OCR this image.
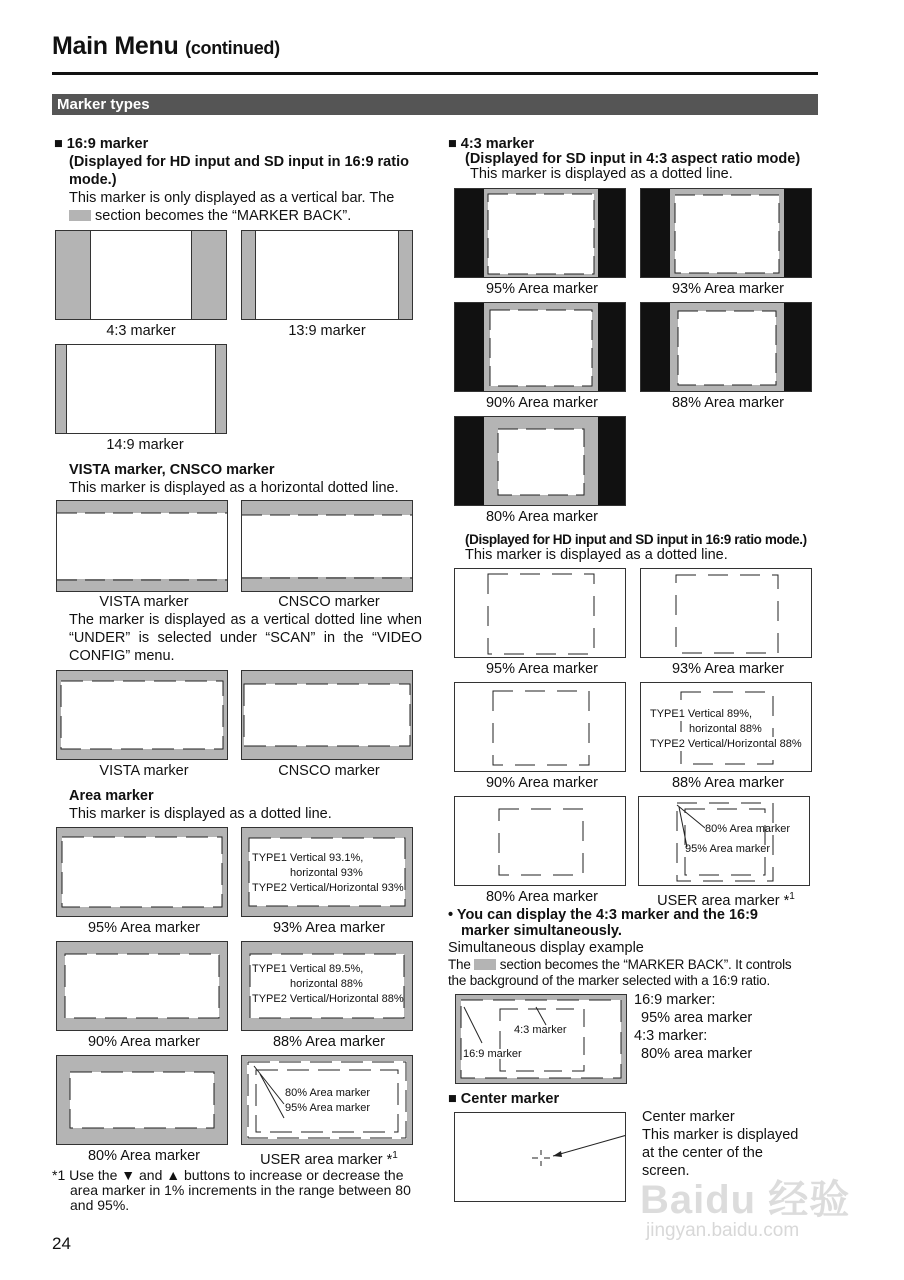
Main Menu (continued)
Marker types
■ 16:9 marker
(Displayed for HD input and SD input in 16:9 ratio
mode.)
This marker is only displayed as a vertical bar. The
section becomes the “MARKER BACK”.
4:3 marker	13:9 marker
14:9 marker
VISTA marker, CNSCO marker
This marker is displayed as a horizontal dotted line.
VISTA marker	CNSCO marker
The marker is displayed as a vertical dotted line when “UNDER” is selected under “SCAN” in the “VIDEO CONFIG” menu.
VISTA marker	CNSCO marker
Area marker
This marker is displayed as a dotted line.
95% Area marker
TYPE1 Vertical 93.1%,
horizontal 93%
TYPE2 Vertical/Horizontal 93%
93% Area marker
90% Area marker
TYPE1 Vertical 89.5%,
horizontal 88%
TYPE2 Vertical/Horizontal 88%
88% Area marker
80% Area marker
80% Area marker
95% Area marker
USER area marker *$^1$
*1 Use the ▼ and ▲ buttons to increase or decrease the
area marker in 1% increments in the range between 80
and 95%.
24
■ 4:3 marker
(Displayed for SD input in 4:3 aspect ratio mode)
This marker is displayed as a dotted line.
95% Area marker	93% Area marker
90% Area marker	88% Area marker
80% Area marker
(Displayed for HD input and SD input in 16:9 ratio mode.)
This marker is displayed as a dotted line.
95% Area marker	93% Area marker
90% Area marker
TYPE1 Vertical 89%,
horizontal 88%
TYPE2 Vertical/Horizontal 88%
88% Area marker
80% Area marker
80% Area marker
95% Area marker
USER area marker *$^1$
• You can display the 4:3 marker and the 16:9
marker simultaneously.
Simultaneous display example
The section becomes the “MARKER BACK”. It controls
the background of the marker selected with a 16:9 ratio.
4:3 marker
16:9 marker
16:9 marker:
95% area marker
4:3 marker:
80% area marker
■ Center marker
Center marker
This marker is displayed
at the center of the
screen.
Baidu 经验
jingyan.baidu.com
